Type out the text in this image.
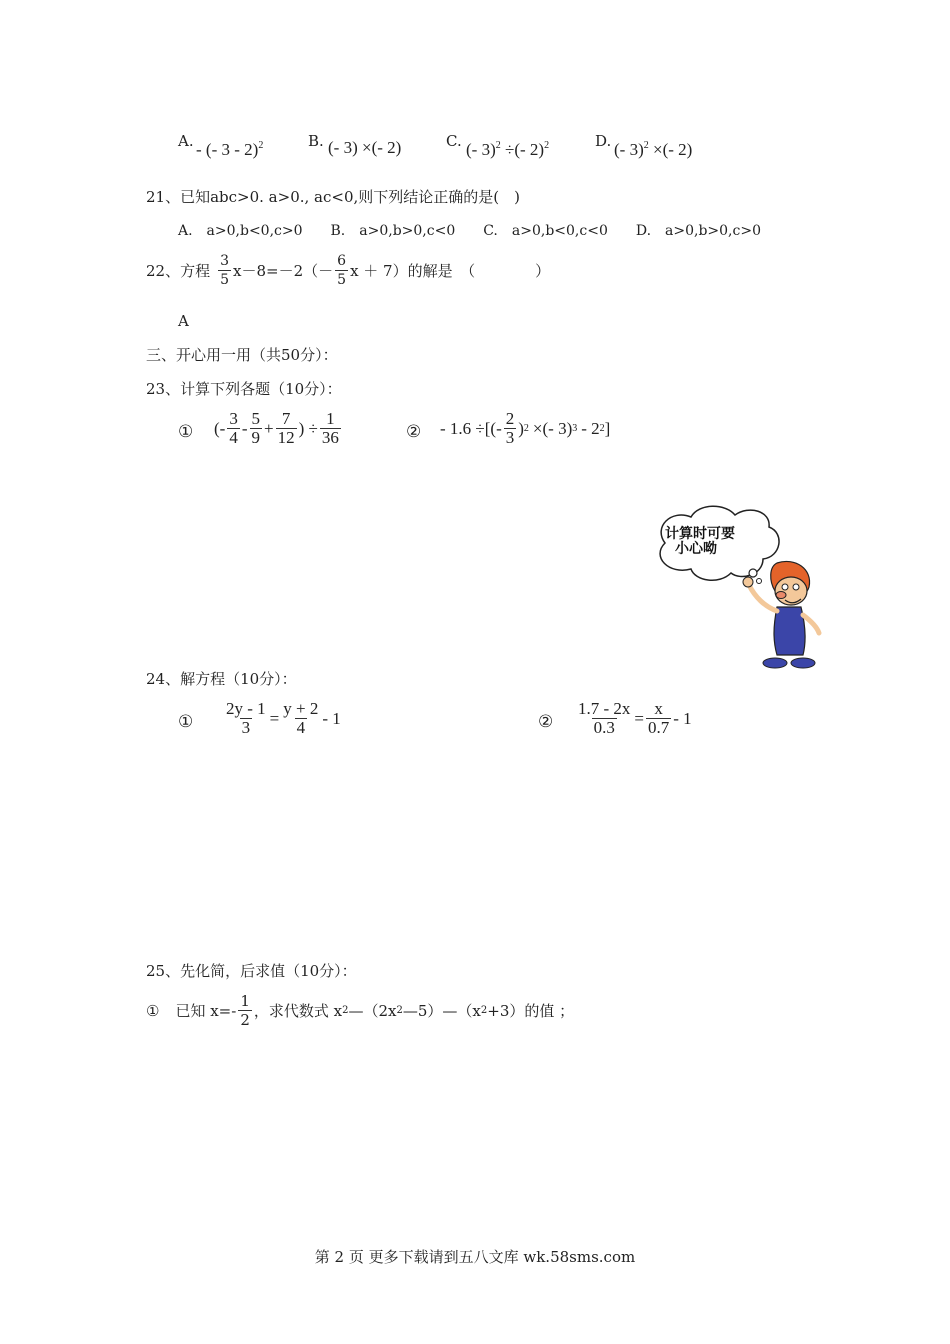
A. - (- 3 - 2)$^2$	B. (- 3) ×(- 2)	C. (- 3)$^2$ ÷(- 2)$^2$	D. (- 3)$^2$ ×(- 2)
21、已知abc>0. a>0., ac<0,则下列结论正确的是(　)
A.　a>0,b<0,c>0　　B.　a>0,b>0,c<0　　C.　a>0,b<0,c<0　　D.　a>0,b>0,c>0
22、方程 $\frac{3}{5} x-8=-2(- \frac{6}{5}$ x ＋ 7）的解是　（　　　　）
A
三、开心用一用（共50分）：
23、计算下列各题（10分）：
① (- $\frac{3}{4} - \frac{5}{9} + \frac{7}{12}$ ) ÷ $\frac{1}{36}$	② - 1.6 ÷[(- $\frac{2}{3}$ ) 2 ×(- 3) 3 - 2 2 ]
计算时可要
小心呦
24、解方程（10分）：
① $\frac{2y - 1}{3} = \frac{y + 2}{4} - 1$	② $\frac{1.7 - 2x}{0.3} = \frac{x}{0.7} - 1$
25、先化简，后求值（10分）：
① 已知 $x=- \frac{1}{2}$ ，求代数式 x 2 —（2x 2 —5）—（x 2 +3）的值 ；
第 2 页 更多下载请到五八文库 wk.58sms.com
